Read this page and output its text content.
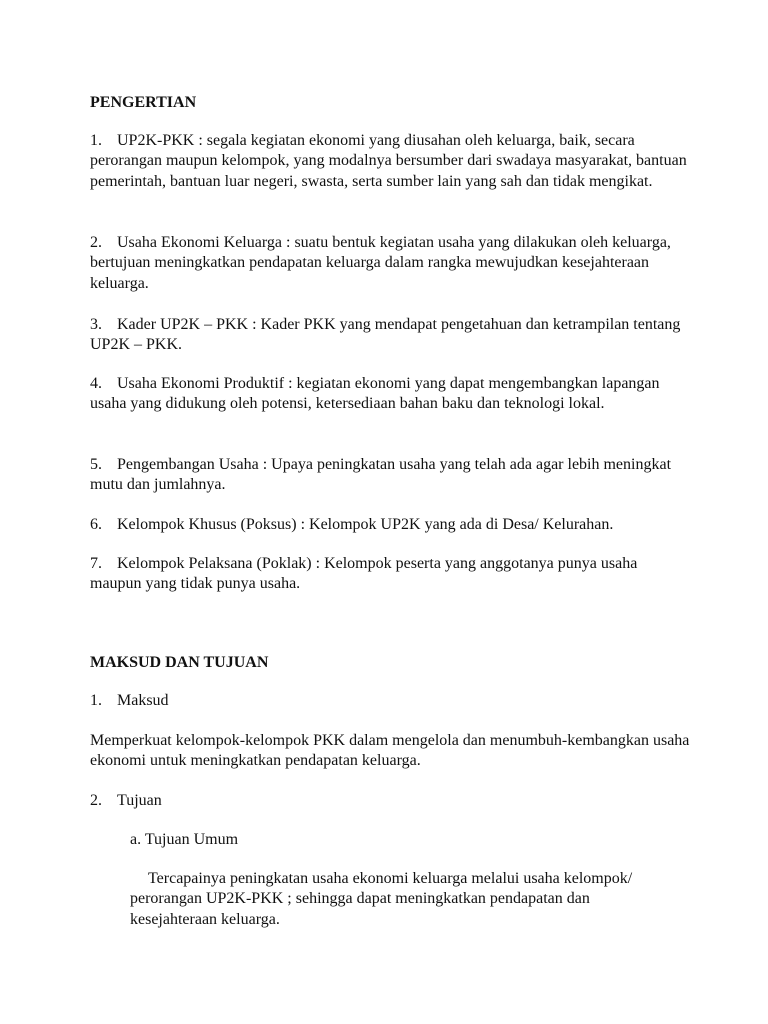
PENGERTIAN

1. UP2K-PKK : segala kegiatan ekonomi yang diusahan oleh keluarga, baik, secara perorangan maupun kelompok, yang modalnya bersumber dari swadaya masyarakat, bantuan pemerintah, bantuan luar negeri, swasta, serta sumber lain yang sah dan tidak mengikat.

2. Usaha Ekonomi Keluarga : suatu bentuk kegiatan usaha yang dilakukan oleh keluarga, bertujuan meningkatkan pendapatan keluarga dalam rangka mewujudkan kesejahteraan keluarga.

3. Kader UP2K – PKK : Kader PKK yang mendapat pengetahuan dan ketrampilan tentang UP2K – PKK.

4. Usaha Ekonomi Produktif : kegiatan ekonomi yang dapat mengembangkan lapangan usaha yang didukung oleh potensi, ketersediaan bahan baku dan teknologi lokal.

5. Pengembangan Usaha : Upaya peningkatan usaha yang telah ada agar lebih meningkat mutu dan jumlahnya.

6. Kelompok Khusus (Poksus) : Kelompok UP2K yang ada di Desa/ Kelurahan.

7. Kelompok Pelaksana (Poklak) : Kelompok peserta yang anggotanya punya usaha maupun yang tidak punya usaha.

MAKSUD DAN TUJUAN

1. Maksud

Memperkuat kelompok-kelompok PKK dalam mengelola dan menumbuh-kembangkan usaha ekonomi untuk meningkatkan pendapatan keluarga.

2. Tujuan

a. Tujuan Umum

Tercapainya peningkatan usaha ekonomi keluarga melalui usaha kelompok/ perorangan UP2K-PKK ; sehingga dapat meningkatkan pendapatan dan kesejahteraan keluarga.
